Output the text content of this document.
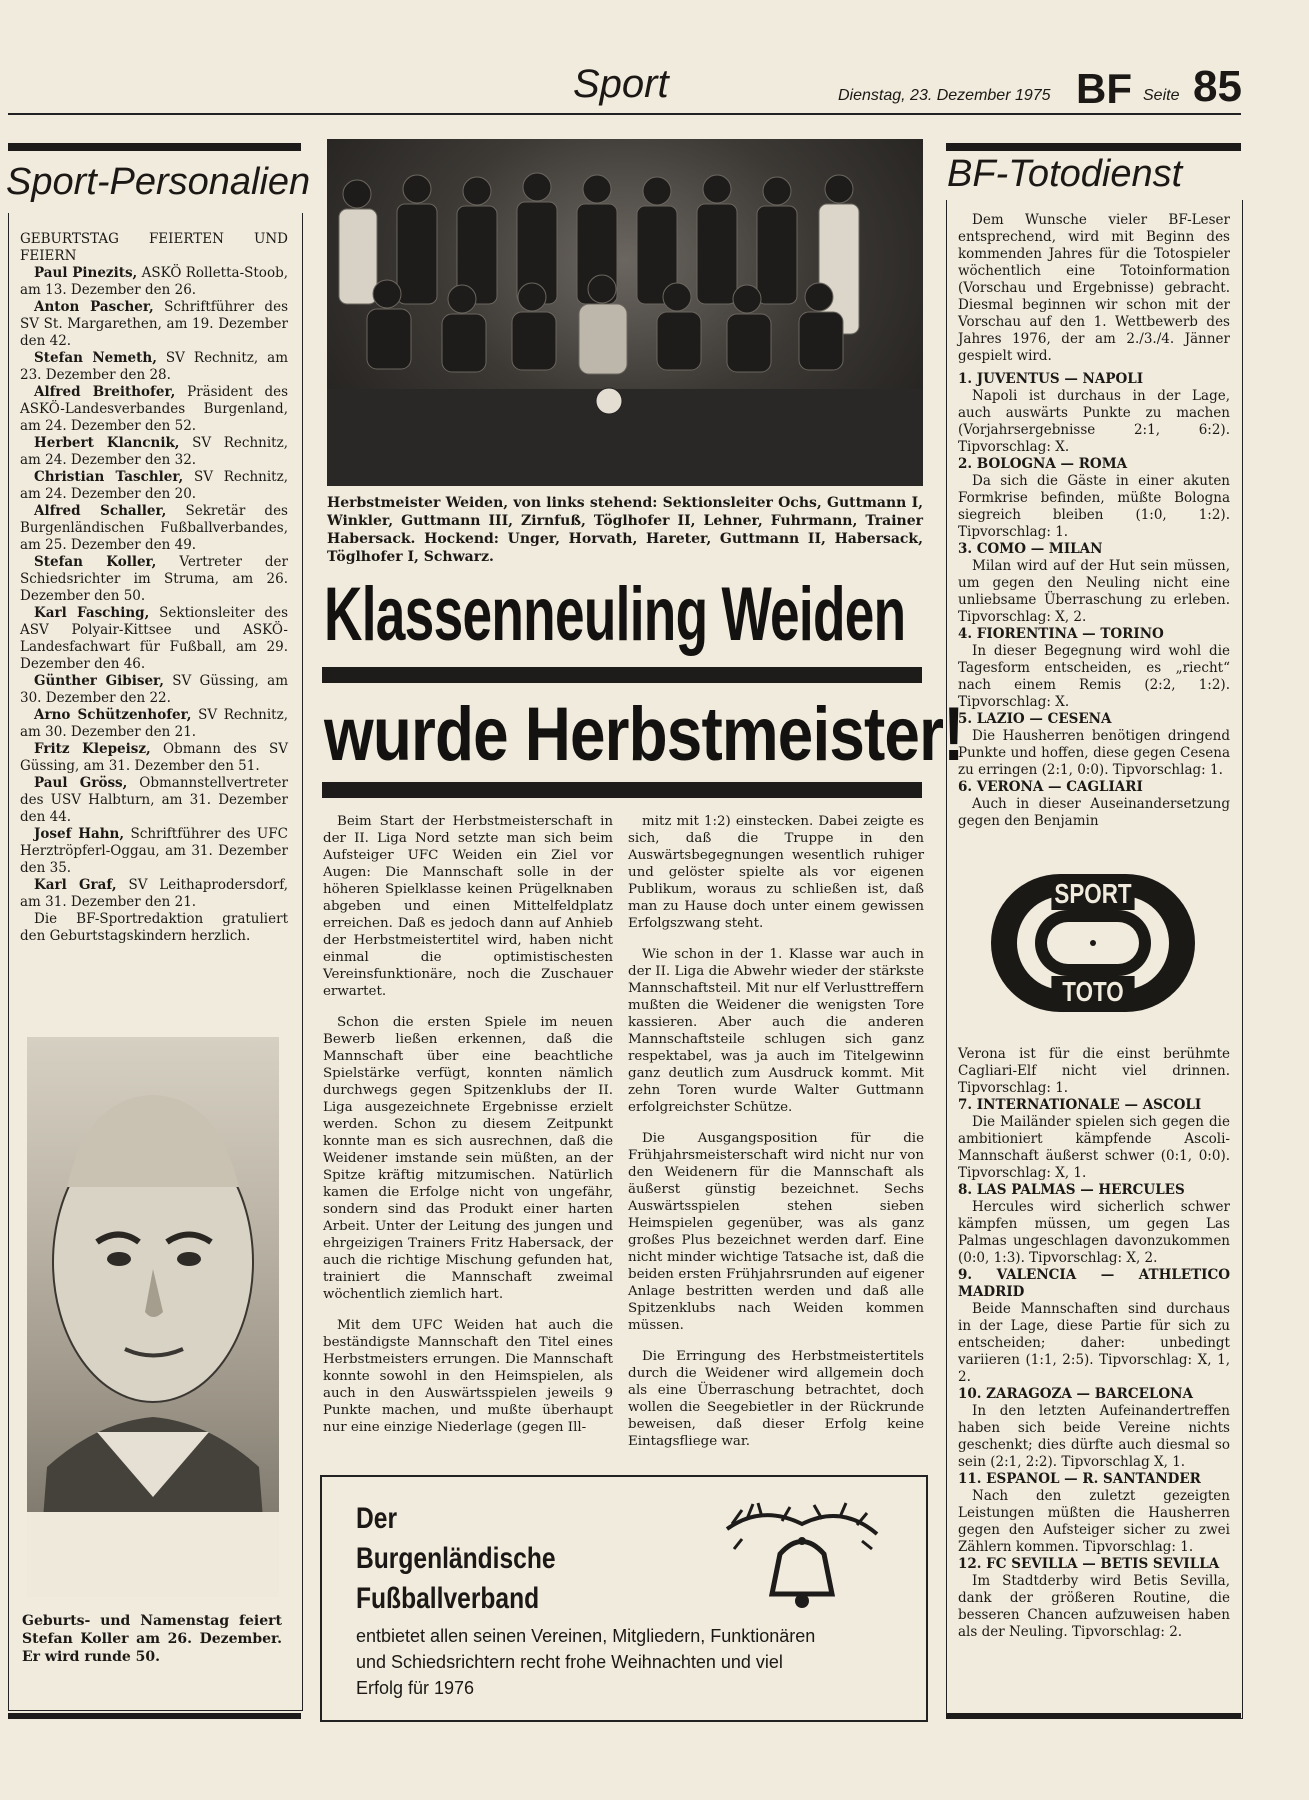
Sport	Dienstag, 23. Dezember 1975 BF Seite 85
Sport-Personalien

GEBURTSTAG FEIERTEN UND FEIERN

Paul Pinezits, ASKÖ Rolletta-Stoob, am 13. Dezember den 26.

Anton Pascher, Schriftführer des SV St. Margarethen, am 19. Dezember den 42.

Stefan Nemeth, SV Rechnitz, am 23. Dezember den 28.

Alfred Breithofer, Präsident des ASKÖ-Landesverbandes Burgenland, am 24. Dezember den 52.

Herbert Klancnik, SV Rechnitz, am 24. Dezember den 32.

Christian Taschler, SV Rechnitz, am 24. Dezember den 20.

Alfred Schaller, Sekretär des Burgenländischen Fußballverbandes, am 25. Dezember den 49.

Stefan Koller, Vertreter der Schiedsrichter im Struma, am 26. Dezember den 50.

Karl Fasching, Sektionsleiter des ASV Polyair-Kittsee und ASKÖ-Landesfachwart für Fußball, am 29. Dezember den 46.

Günther Gibiser, SV Güssing, am 30. Dezember den 22.

Arno Schützenhofer, SV Rechnitz, am 30. Dezember den 21.

Fritz Klepeisz, Obmann des SV Güssing, am 31. Dezember den 51.

Paul Gröss, Obmannstellvertreter des USV Halbturn, am 31. Dezember den 44.

Josef Hahn, Schriftführer des UFC Herztröpferl-Oggau, am 31. Dezember den 35.

Karl Graf, SV Leithaprodersdorf, am 31. Dezember den 21.

Die BF-Sportredaktion gratuliert den Geburtstagskindern herzlich.

Geburts- und Namenstag feiert Stefan Koller am 26. Dezember. Er wird runde 50.
Herbstmeister Weiden, von links stehend: Sektionsleiter Ochs, Guttmann I, Winkler, Guttmann III, Zirnfuß, Töglhofer II, Lehner, Fuhrmann, Trainer Habersack. Hockend: Unger, Horvath, Hareter, Guttmann II, Habersack, Töglhofer I, Schwarz.
Klassenneuling Weiden
wurde Herbstmeister!

Beim Start der Herbstmeisterschaft in der II. Liga Nord setzte man sich beim Aufsteiger UFC Weiden ein Ziel vor Augen: Die Mannschaft solle in der höheren Spielklasse keinen Prügelknaben abgeben und einen Mittelfeldplatz erreichen. Daß es jedoch dann auf Anhieb der Herbstmeistertitel wird, haben nicht einmal die optimistischesten Vereinsfunktionäre, noch die Zuschauer erwartet.

Schon die ersten Spiele im neuen Bewerb ließen erkennen, daß die Mannschaft über eine beachtliche Spielstärke verfügt, konnten nämlich durchwegs gegen Spitzenklubs der II. Liga ausgezeichnete Ergebnisse erzielt werden. Schon zu diesem Zeitpunkt konnte man es sich ausrechnen, daß die Weidener imstande sein müßten, an der Spitze kräftig mitzumischen. Natürlich kamen die Erfolge nicht von ungefähr, sondern sind das Produkt einer harten Arbeit. Unter der Leitung des jungen und ehrgeizigen Trainers Fritz Habersack, der auch die richtige Mischung gefunden hat, trainiert die Mannschaft zweimal wöchentlich ziemlich hart.

Mit dem UFC Weiden hat auch die beständigste Mannschaft den Titel eines Herbstmeisters errungen. Die Mannschaft konnte sowohl in den Heimspielen, als auch in den Auswärtsspielen jeweils 9 Punkte machen, und mußte überhaupt nur eine einzige Niederlage (gegen Ill-

mitz mit 1:2) einstecken. Dabei zeigte es sich, daß die Truppe in den Auswärtsbegegnungen wesentlich ruhiger und gelöster spielte als vor eigenen Publikum, woraus zu schließen ist, daß man zu Hause doch unter einem gewissen Erfolgszwang steht.

Wie schon in der 1. Klasse war auch in der II. Liga die Abwehr wieder der stärkste Mannschaftsteil. Mit nur elf Verlusttreffern mußten die Weidener die wenigsten Tore kassieren. Aber auch die anderen Mannschaftsteile schlugen sich ganz respektabel, was ja auch im Titelgewinn ganz deutlich zum Ausdruck kommt. Mit zehn Toren wurde Walter Guttmann erfolgreichster Schütze.

Die Ausgangsposition für die Frühjahrsmeisterschaft wird nicht nur von den Weidenern für die Mannschaft als äußerst günstig bezeichnet. Sechs Auswärtsspielen stehen sieben Heimspielen gegenüber, was als ganz großes Plus bezeichnet werden darf. Eine nicht minder wichtige Tatsache ist, daß die beiden ersten Frühjahrsrunden auf eigener Anlage bestritten werden und daß alle Spitzenklubs nach Weiden kommen müssen.

Die Erringung des Herbstmeistertitels durch die Weidener wird allgemein doch als eine Überraschung betrachtet, doch wollen die Seegebietler in der Rückrunde beweisen, daß dieser Erfolg keine Eintagsfliege war.

Der
Burgenländische
Fußballverband
entbietet allen seinen Vereinen, Mitgliedern, Funktionären und Schiedsrichtern recht frohe Weihnachten und viel Erfolg für 1976
BF-Totodienst

Dem Wunsche vieler BF-Leser entsprechend, wird mit Beginn des kommenden Jahres für die Totospieler wöchentlich eine Totoinformation (Vorschau und Ergebnisse) gebracht. Diesmal beginnen wir schon mit der Vorschau auf den 1. Wettbewerb des Jahres 1976, der am 2./3./4. Jänner gespielt wird.

1. JUVENTUS — NAPOLI

Napoli ist durchaus in der Lage, auch auswärts Punkte zu machen (Vorjahrsergebnisse 2:1, 6:2). Tipvorschlag: X.

2. BOLOGNA — ROMA

Da sich die Gäste in einer akuten Formkrise befinden, müßte Bologna siegreich bleiben (1:0, 1:2). Tipvorschlag: 1.

3. COMO — MILAN

Milan wird auf der Hut sein müssen, um gegen den Neuling nicht eine unliebsame Überraschung zu erleben. Tipvorschlag: X, 2.

4. FIORENTINA — TORINO

In dieser Begegnung wird wohl die Tagesform entscheiden, es „riecht“ nach einem Remis (2:2, 1:2). Tipvorschlag: X.

5. LAZIO — CESENA

Die Hausherren benötigen dringend Punkte und hoffen, diese gegen Cesena zu erringen (2:1, 0:0). Tipvorschlag: 1.

6. VERONA — CAGLIARI

Auch in dieser Auseinandersetzung gegen den Benjamin

SPORT
TOTO

Verona ist für die einst berühmte Cagliari-Elf nicht viel drinnen. Tipvorschlag: 1.

7. INTERNATIONALE — ASCOLI

Die Mailänder spielen sich gegen die ambitioniert kämpfende Ascoli-Mannschaft äußerst schwer (0:1, 0:0). Tipvorschlag: X, 1.

8. LAS PALMAS — HERCULES

Hercules wird sicherlich schwer kämpfen müssen, um gegen Las Palmas ungeschlagen davonzukommen (0:0, 1:3). Tipvorschlag: X, 2.

9. VALENCIA — ATHLETICO MADRID

Beide Mannschaften sind durchaus in der Lage, diese Partie für sich zu entscheiden; daher: unbedingt variieren (1:1, 2:5). Tipvorschlag: X, 1, 2.

10. ZARAGOZA — BARCELONA

In den letzten Aufeinandertreffen haben sich beide Vereine nichts geschenkt; dies dürfte auch diesmal so sein (2:1, 2:2). Tipvorschlag X, 1.

11. ESPANOL — R. SANTANDER

Nach den zuletzt gezeigten Leistungen müßten die Hausherren gegen den Aufsteiger sicher zu zwei Zählern kommen. Tipvorschlag: 1.

12. FC SEVILLA — BETIS SEVILLA

Im Stadtderby wird Betis Sevilla, dank der größeren Routine, die besseren Chancen aufzuweisen haben als der Neuling. Tipvorschlag: 2.
